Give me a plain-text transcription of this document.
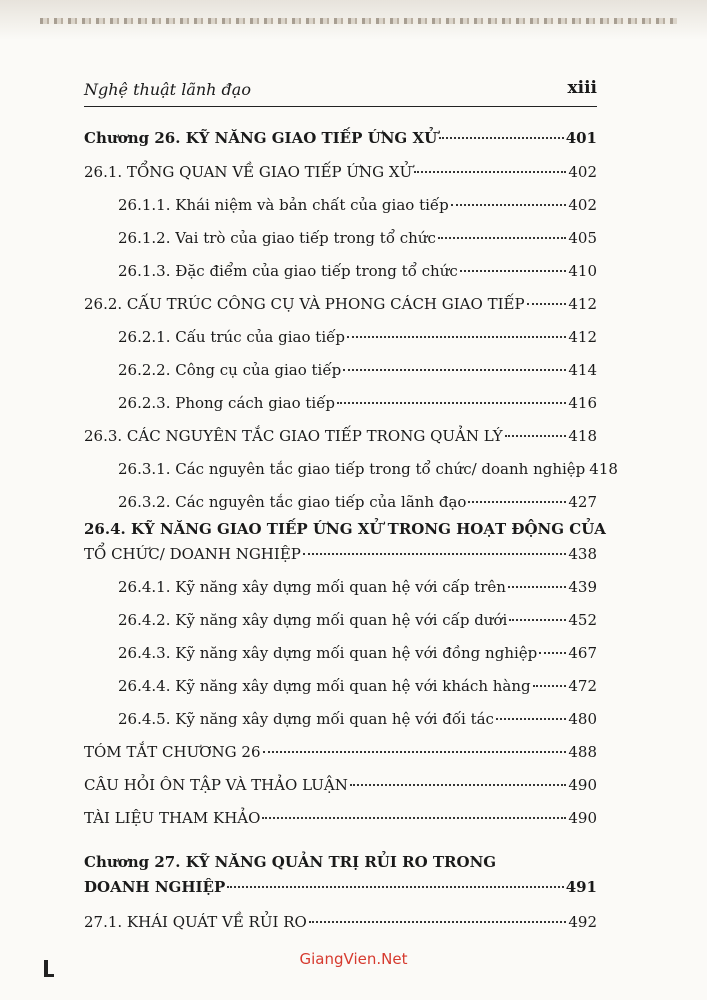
Nghệ thuật lãnh đạo	xiii
Chương 26. KỸ NĂNG GIAO TIẾP ỨNG XỬ	401
26.1. TỔNG QUAN VỀ GIAO TIẾP ỨNG XỬ	402
26.1.1. Khái niệm và bản chất của giao tiếp	402
26.1.2. Vai trò của giao tiếp trong tổ chức	405
26.1.3. Đặc điểm của giao tiếp trong tổ chức	410
26.2. CẤU TRÚC CÔNG CỤ VÀ PHONG CÁCH GIAO TIẾP	412
26.2.1. Cấu trúc của giao tiếp	412
26.2.2. Công cụ của giao tiếp	414
26.2.3. Phong cách giao tiếp	416
26.3. CÁC NGUYÊN TẮC GIAO TIẾP TRONG QUẢN LÝ	418
26.3.1. Các nguyên tắc giao tiếp trong tổ chức/ doanh nghiệp 418
26.3.2. Các nguyên tắc giao tiếp của lãnh đạo	427
26.4. KỸ NĂNG GIAO TIẾP ỨNG XỬ TRONG HOẠT ĐỘNG CỦA
TỔ CHỨC/ DOANH NGHIỆP	438
26.4.1. Kỹ năng xây dựng mối quan hệ với cấp trên	439
26.4.2. Kỹ năng xây dựng mối quan hệ với cấp dưới	452
26.4.3. Kỹ năng xây dựng mối quan hệ với đồng nghiệp 467
26.4.4. Kỹ năng xây dựng mối quan hệ với khách hàng	472
26.4.5. Kỹ năng xây dựng mối quan hệ với đối tác	480
TÓM TẮT CHƯƠNG 26	488
CÂU HỎI ÔN TẬP VÀ THẢO LUẬN	490
TÀI LIỆU THAM KHẢO	490
Chương 27. KỸ NĂNG QUẢN TRỊ RỦI RO TRONG
DOANH NGHIỆP	491
27.1. KHÁI QUÁT VỀ RỦI RO	492
GiangVien.Net
